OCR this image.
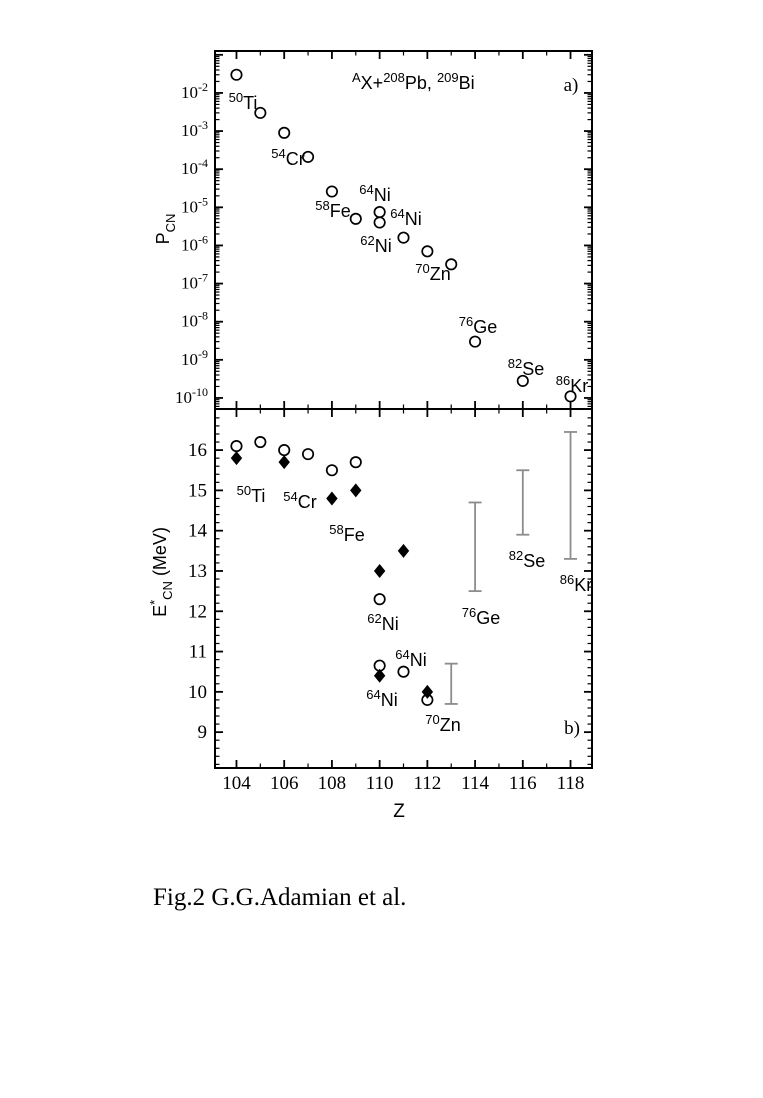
$10^{-2}$
$10^{-3}$
$10^{-4}$
$10^{-5}$
$10^{-6}$
$10^{-7}$
$10^{-8}$
$10^{-9}$
$10^{-10}$
$^{50}$Ti
$^{54}$Cr
$^{58}$Fe
$^{64}$Ni
$^{64}$Ni
$^{62}$Ni
$^{70}$Zn
$^{76}$Ge
$^{82}$Se
$^{86}$Kr
a)
$^A$X+$^{208}$Pb, $^{209}$Bi
$P_{CN}$
9
10
11
12
13
14
15
16
104 106 108 110 112 114 116 118
$^{50}$Ti $^{54}$Cr
$^{58}$Fe
$^{62}$Ni
$^{64}$Ni
$^{64}$Ni
$^{70}$Zn
$^{76}$Ge
$^{82}$Se
$^{86}$Kr
b)
$E^*_{CN}$ (MeV)
Z
Fig.2 G.G.Adamian et al.
